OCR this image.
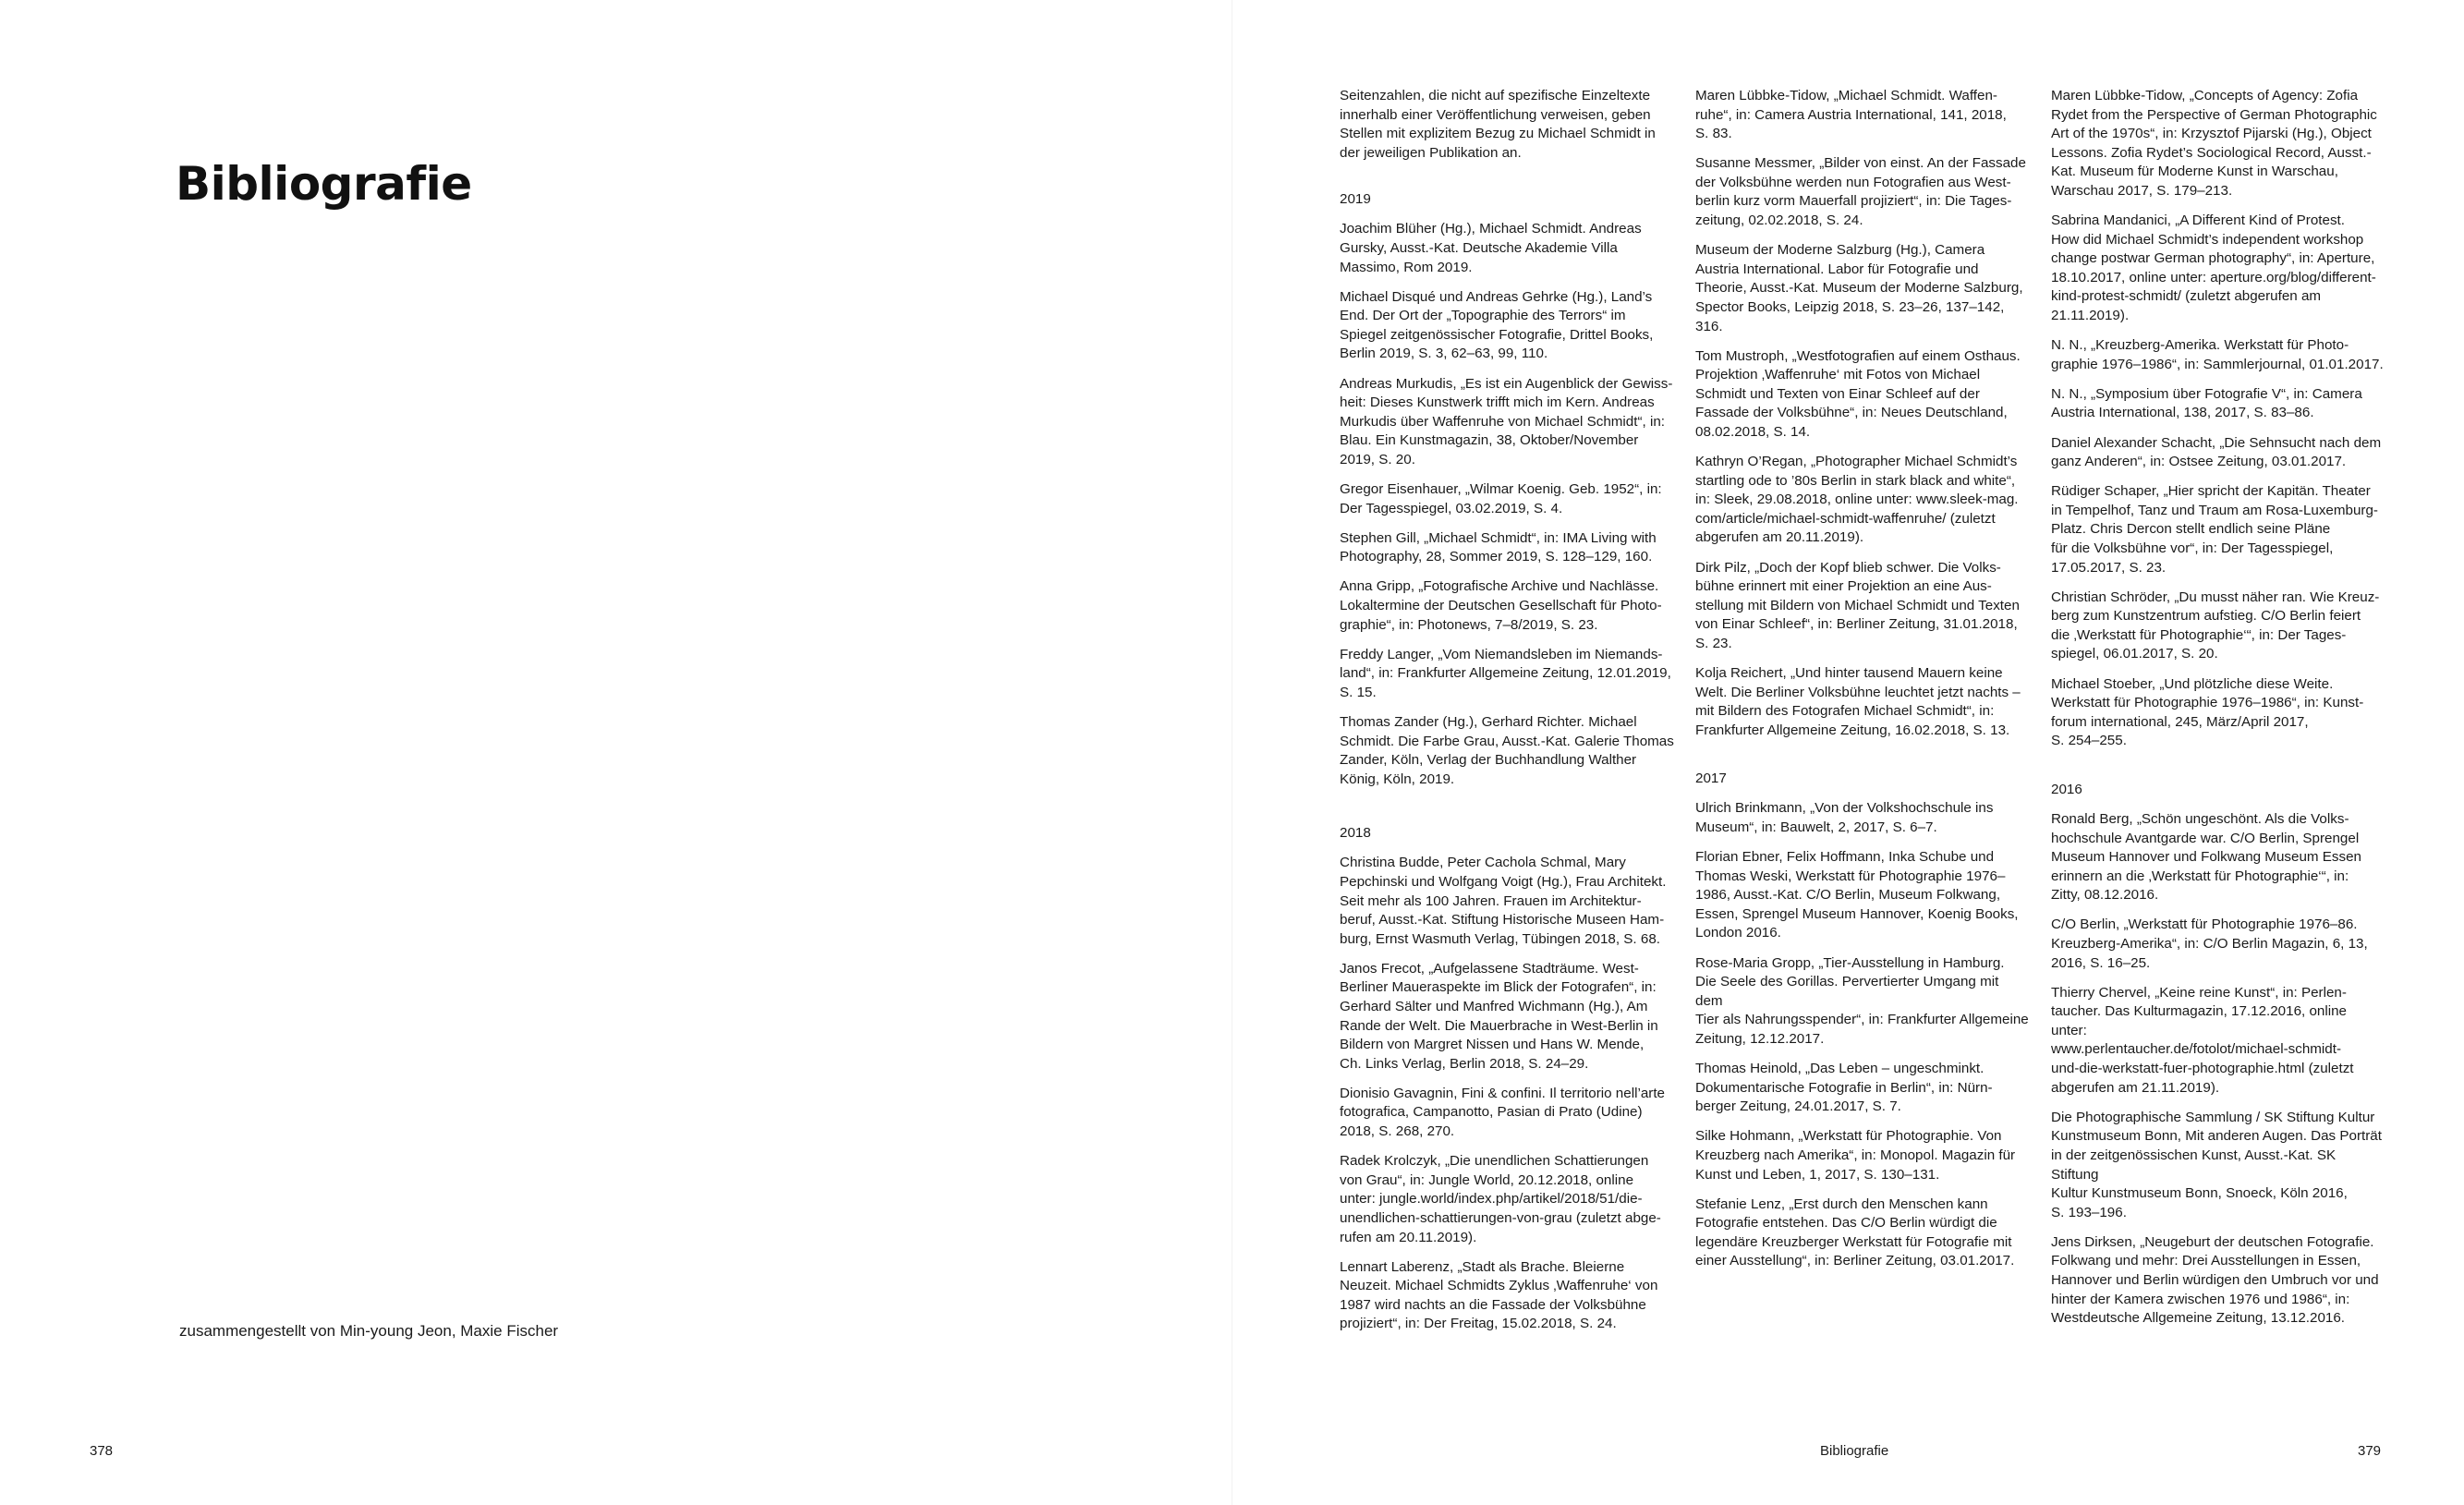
Bibliografie
zusammengestellt von Min-young Jeon, Maxie Fischer
378	Bibliografie	379

Seitenzahlen, die nicht auf spezifische Einzeltexte
innerhalb einer Veröffentlichung verweisen, geben
Stellen mit explizitem Bezug zu Michael Schmidt in
der jeweiligen Publikation an.

2019

Joachim Blüher (Hg.), Michael Schmidt. Andreas
Gursky, Ausst.-Kat. Deutsche Akademie Villa
Massimo, Rom 2019.

Michael Disqué und Andreas Gehrke (Hg.), Land’s
End. Der Ort der „Topographie des Terrors“ im
Spiegel zeitgenössischer Fotografie, Drittel Books,
Berlin 2019, S. 3, 62–63, 99, 110.

Andreas Murkudis, „Es ist ein Augenblick der Gewiss-
heit: Dieses Kunstwerk trifft mich im Kern. Andreas
Murkudis über Waffenruhe von Michael Schmidt“, in:
Blau. Ein Kunstmagazin, 38, Oktober/November
2019, S. 20.

Gregor Eisenhauer, „Wilmar Koenig. Geb. 1952“, in:
Der Tagesspiegel, 03.02.2019, S. 4.

Stephen Gill, „Michael Schmidt“, in: IMA Living with
Photography, 28, Sommer 2019, S. 128–129, 160.

Anna Gripp, „Fotografische Archive und Nachlässe.
Lokaltermine der Deutschen Gesellschaft für Photo-
graphie“, in: Photonews, 7–8/2019, S. 23.

Freddy Langer, „Vom Niemandsleben im Niemands-
land“, in: Frankfurter Allgemeine Zeitung, 12.01.2019,
S. 15.

Thomas Zander (Hg.), Gerhard Richter. Michael
Schmidt. Die Farbe Grau, Ausst.-Kat. Galerie Thomas
Zander, Köln, Verlag der Buchhandlung Walther
König, Köln, 2019.

2018

Christina Budde, Peter Cachola Schmal, Mary
Pepchinski und Wolfgang Voigt (Hg.), Frau Architekt.
Seit mehr als 100 Jahren. Frauen im Architektur-
beruf, Ausst.-Kat. Stiftung Historische Museen Ham-
burg, Ernst Wasmuth Verlag, Tübingen 2018, S. 68.

Janos Frecot, „Aufgelassene Stadträume. West-
Berliner Maueraspekte im Blick der Fotografen“, in:
Gerhard Sälter und Manfred Wichmann (Hg.), Am
Rande der Welt. Die Mauerbrache in West-Berlin in
Bildern von Margret Nissen und Hans W. Mende,
Ch. Links Verlag, Berlin 2018, S. 24–29.

Dionisio Gavagnin, Fini & confini. Il territorio nell’arte
fotografica, Campanotto, Pasian di Prato (Udine)
2018, S. 268, 270.

Radek Krolczyk, „Die unendlichen Schattierungen
von Grau“, in: Jungle World, 20.12.2018, online
unter: jungle.world/index.php/artikel/2018/51/die-
unendlichen-schattierungen-von-grau (zuletzt abge-
rufen am 20.11.2019).

Lennart Laberenz, „Stadt als Brache. Bleierne
Neuzeit. Michael Schmidts Zyklus ‚Waffenruhe‘ von
1987 wird nachts an die Fassade der Volksbühne
projiziert“, in: Der Freitag, 15.02.2018, S. 24.

Maren Lübbke-Tidow, „Michael Schmidt. Waffen-
ruhe“, in: Camera Austria International, 141, 2018,
S. 83.

Susanne Messmer, „Bilder von einst. An der Fassade
der Volksbühne werden nun Fotografien aus West-
berlin kurz vorm Mauerfall projiziert“, in: Die Tages-
zeitung, 02.02.2018, S. 24.

Museum der Moderne Salzburg (Hg.), Camera
Austria International. Labor für Fotografie und
Theorie, Ausst.-Kat. Museum der Moderne Salzburg,
Spector Books, Leipzig 2018, S. 23–26, 137–142, 316.

Tom Mustroph, „Westfotografien auf einem Osthaus.
Projektion ‚Waffenruhe‘ mit Fotos von Michael
Schmidt und Texten von Einar Schleef auf der
Fassade der Volksbühne“, in: Neues Deutschland,
08.02.2018, S. 14.

Kathryn O’Regan, „Photographer Michael Schmidt’s
startling ode to ’80s Berlin in stark black and white“,
in: Sleek, 29.08.2018, online unter: www.sleek-mag.
com/article/michael-schmidt-waffenruhe/ (zuletzt
abgerufen am 20.11.2019).

Dirk Pilz, „Doch der Kopf blieb schwer. Die Volks-
bühne erinnert mit einer Projektion an eine Aus-
stellung mit Bildern von Michael Schmidt und Texten
von Einar Schleef“, in: Berliner Zeitung, 31.01.2018,
S. 23.

Kolja Reichert, „Und hinter tausend Mauern keine
Welt. Die Berliner Volksbühne leuchtet jetzt nachts –
mit Bildern des Fotografen Michael Schmidt“, in:
Frankfurter Allgemeine Zeitung, 16.02.2018, S. 13.

2017

Ulrich Brinkmann, „Von der Volkshochschule ins
Museum“, in: Bauwelt, 2, 2017, S. 6–7.

Florian Ebner, Felix Hoffmann, Inka Schube und
Thomas Weski, Werkstatt für Photographie 1976–
1986, Ausst.-Kat. C/O Berlin, Museum Folkwang,
Essen, Sprengel Museum Hannover, Koenig Books,
London 2016.

Rose-Maria Gropp, „Tier-Ausstellung in Hamburg.
Die Seele des Gorillas. Pervertierter Umgang mit dem
Tier als Nahrungsspender“, in: Frankfurter Allgemeine
Zeitung, 12.12.2017.

Thomas Heinold, „Das Leben – ungeschminkt.
Dokumentarische Fotografie in Berlin“, in: Nürn-
berger Zeitung, 24.01.2017, S. 7.

Silke Hohmann, „Werkstatt für Photographie. Von
Kreuzberg nach Amerika“, in: Monopol. Magazin für
Kunst und Leben, 1, 2017, S. 130–131.

Stefanie Lenz, „Erst durch den Menschen kann
Fotografie entstehen. Das C/O Berlin würdigt die
legendäre Kreuzberger Werkstatt für Fotografie mit
einer Ausstellung“, in: Berliner Zeitung, 03.01.2017.

Maren Lübbke-Tidow, „Concepts of Agency: Zofia
Rydet from the Perspective of German Photographic
Art of the 1970s“, in: Krzysztof Pijarski (Hg.), Object
Lessons. Zofia Rydet’s Sociological Record, Ausst.-
Kat. Museum für Moderne Kunst in Warschau,
Warschau 2017, S. 179–213.

Sabrina Mandanici, „A Different Kind of Protest.
How did Michael Schmidt’s independent workshop
change postwar German photography“, in: Aperture,
18.10.2017, online unter: aperture.org/blog/different-
kind-protest-schmidt/ (zuletzt abgerufen am
21.11.2019).

N. N., „Kreuzberg-Amerika. Werkstatt für Photo-
graphie 1976–1986“, in: Sammlerjournal, 01.01.2017.

N. N., „Symposium über Fotografie V“, in: Camera
Austria International, 138, 2017, S. 83–86.

Daniel Alexander Schacht, „Die Sehnsucht nach dem
ganz Anderen“, in: Ostsee Zeitung, 03.01.2017.

Rüdiger Schaper, „Hier spricht der Kapitän. Theater
in Tempelhof, Tanz und Traum am Rosa-Luxemburg-
Platz. Chris Dercon stellt endlich seine Pläne
für die Volksbühne vor“, in: Der Tagesspiegel,
17.05.2017, S. 23.

Christian Schröder, „Du musst näher ran. Wie Kreuz-
berg zum Kunstzentrum aufstieg. C/O Berlin feiert
die ‚Werkstatt für Photographie‘“, in: Der Tages-
spiegel, 06.01.2017, S. 20.

Michael Stoeber, „Und plötzliche diese Weite.
Werkstatt für Photographie 1976–1986“, in: Kunst-
forum international, 245, März/April 2017,
S. 254–255.

2016

Ronald Berg, „Schön ungeschönt. Als die Volks-
hochschule Avantgarde war. C/O Berlin, Sprengel
Museum Hannover und Folkwang Museum Essen
erinnern an die ‚Werkstatt für Photographie‘“, in:
Zitty, 08.12.2016.

C/O Berlin, „Werkstatt für Photographie 1976–86.
Kreuzberg-Amerika“, in: C/O Berlin Magazin, 6, 13,
2016, S. 16–25.

Thierry Chervel, „Keine reine Kunst“, in: Perlen-
taucher. Das Kulturmagazin, 17.12.2016, online unter:
www.perlentaucher.de/fotolot/michael-schmidt-
und-die-werkstatt-fuer-photographie.html (zuletzt
abgerufen am 21.11.2019).

Die Photographische Sammlung / SK Stiftung Kultur
Kunstmuseum Bonn, Mit anderen Augen. Das Porträt
in der zeitgenössischen Kunst, Ausst.-Kat. SK Stiftung
Kultur Kunstmuseum Bonn, Snoeck, Köln 2016,
S. 193–196.

Jens Dirksen, „Neugeburt der deutschen Fotografie.
Folkwang und mehr: Drei Ausstellungen in Essen,
Hannover und Berlin würdigen den Umbruch vor und
hinter der Kamera zwischen 1976 und 1986“, in:
Westdeutsche Allgemeine Zeitung, 13.12.2016.
